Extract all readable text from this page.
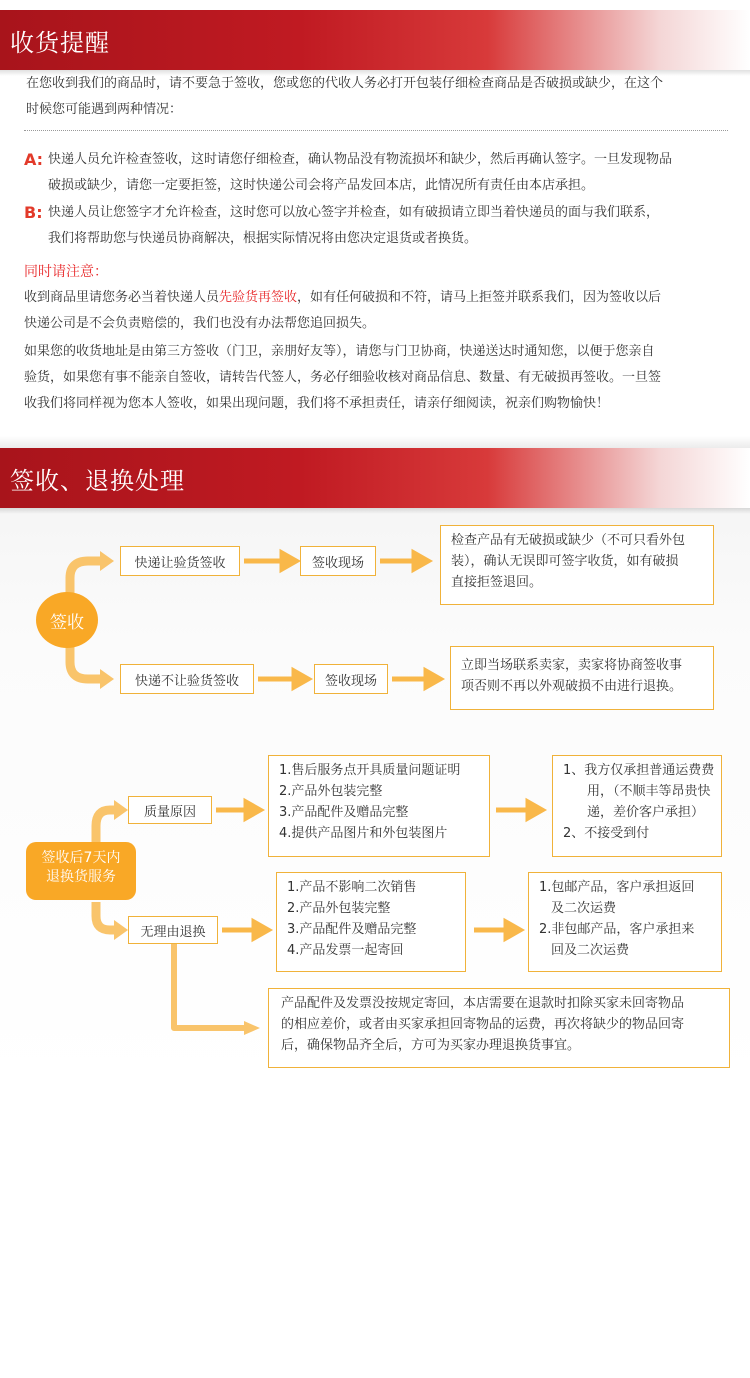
收货提醒
在您收到我们的商品时，请不要急于签收，您或您的代收人务必打开包装仔细检查商品是否破损或缺少，在这个
时候您可能遇到两种情况：
A: 快递人员允许检查签收，这时请您仔细检查，确认物品没有物流损坏和缺少，然后再确认签字。一旦发现物品
破损或缺少，请您一定要拒签，这时快递公司会将产品发回本店，此情况所有责任由本店承担。
B: 快递人员让您签字才允许检查，这时您可以放心签字并检查，如有破损请立即当着快递员的面与我们联系，
我们将帮助您与快递员协商解决，根据实际情况将由您决定退货或者换货。
同时请注意：
收到商品里请您务必当着快递人员先验货再签收，如有任何破损和不符，请马上拒签并联系我们，因为签收以后
快递公司是不会负责赔偿的，我们也没有办法帮您追回损失。
如果您的收货地址是由第三方签收（门卫，亲朋好友等），请您与门卫协商，快递送达时通知您，以便于您亲自
验货，如果您有事不能亲自签收，请转告代签人，务必仔细验收核对商品信息、数量、有无破损再签收。一旦签
收我们将同样视为您本人签收，如果出现问题，我们将不承担责任，请亲仔细阅读，祝亲们购物愉快！
签收、退换处理
签收
快递让验货签收	签收现场
检查产品有无破损或缺少（不可只看外包
装），确认无误即可签字收货，如有破损
直接拒签退回。
快递不让验货签收	签收现场
立即当场联系卖家，卖家将协商签收事
项否则不再以外观破损不由进行退换。
签收后7天内
退换货服务
质量原因
1.售后服务点开具质量问题证明
2.产品外包装完整
3.产品配件及赠品完整
4.提供产品图片和外包装图片
1、我方仅承担普通运费费
用，（不顺丰等昂贵快
递，差价客户承担）
2、不接受到付
无理由退换
1.产品不影响二次销售
2.产品外包装完整
3.产品配件及赠品完整
4.产品发票一起寄回
1.包邮产品，客户承担返回
及二次运费
2.非包邮产品，客户承担来
回及二次运费
产品配件及发票没按规定寄回，本店需要在退款时扣除买家未回寄物品
的相应差价，或者由买家承担回寄物品的运费，再次将缺少的物品回寄
后，确保物品齐全后，方可为买家办理退换货事宜。
